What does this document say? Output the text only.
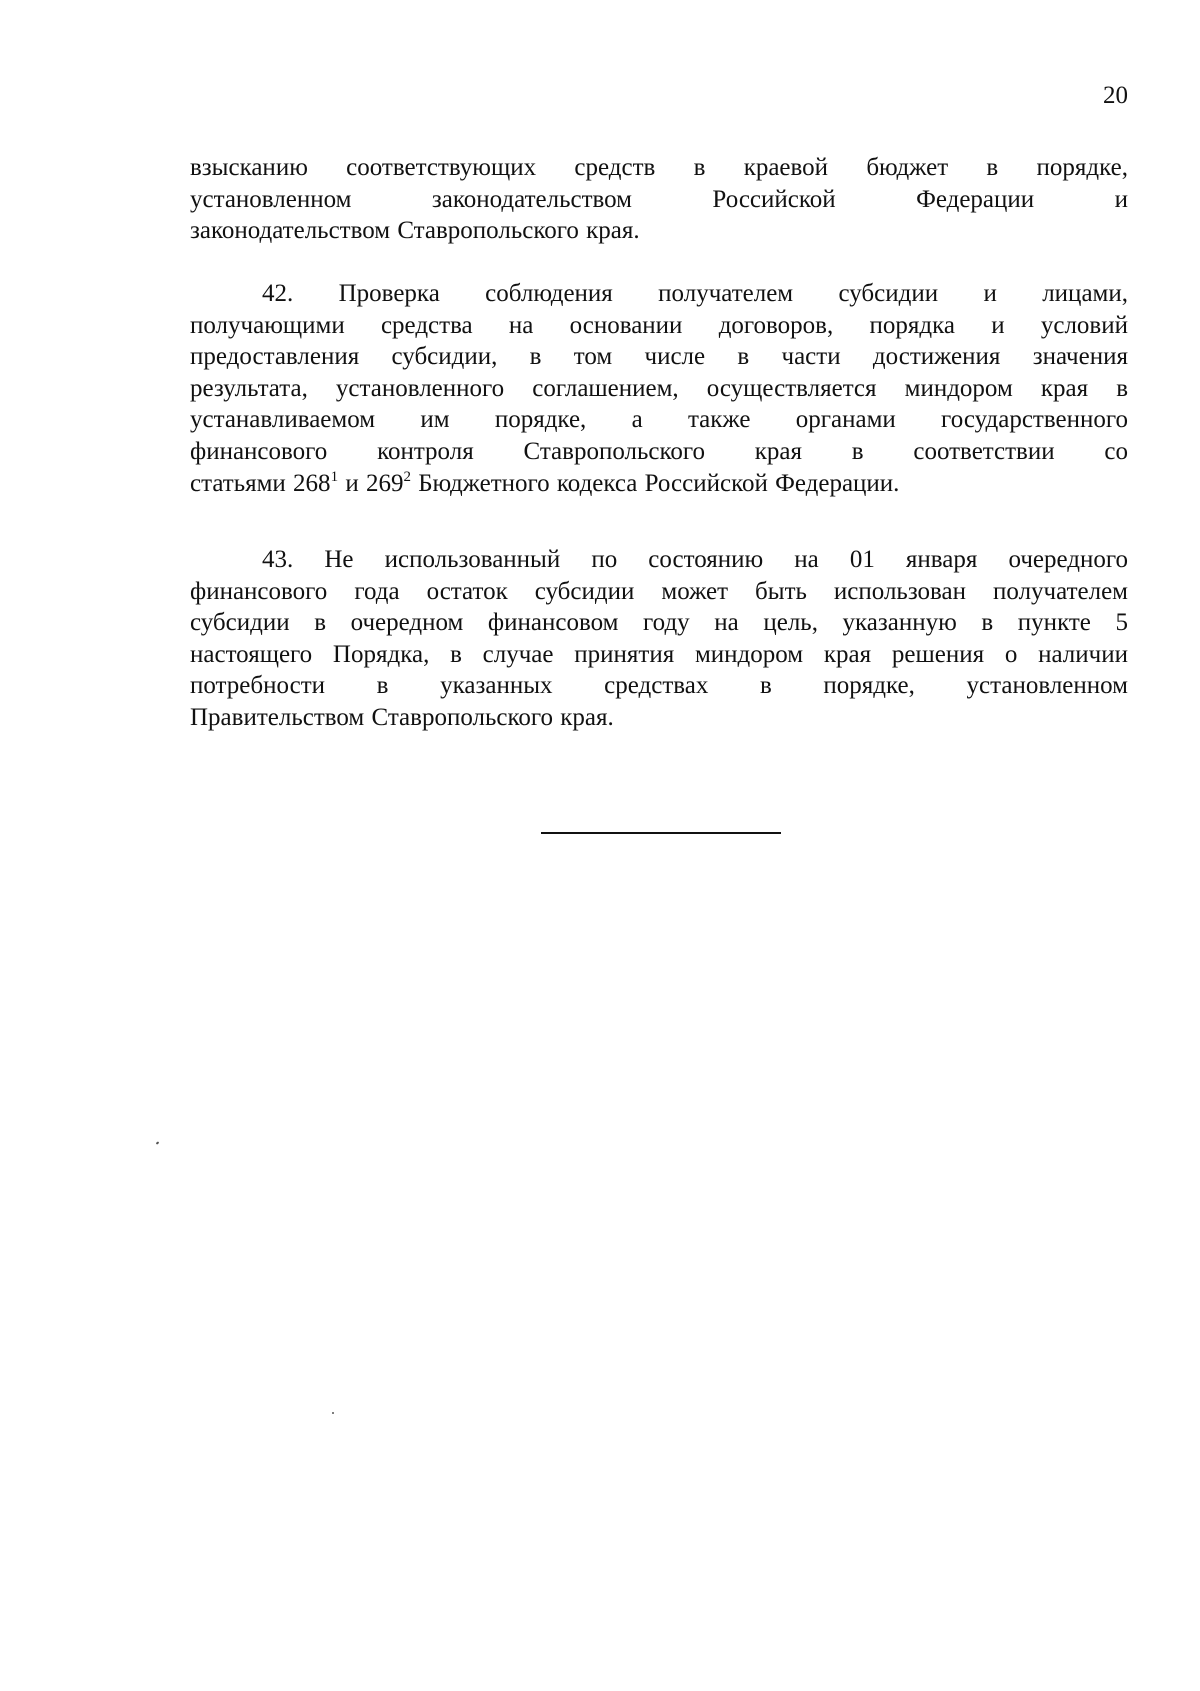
20
взысканию соответствующих средств в краевой бюджет в порядке,
установленном законодательством Российской Федерации и
законодательством Ставропольского края.
42. Проверка соблюдения получателем субсидии и лицами,
получающими средства на основании договоров, порядка и условий
предоставления субсидии, в том числе в части достижения значения
результата, установленного соглашением, осуществляется миндором края в
устанавливаемом им порядке, а также органами государственного
финансового контроля Ставропольского края в соответствии со
статьями $268^1$ и $269^2$ Бюджетного кодекса Российской Федерации.
43. Не использованный по состоянию на 01 января очередного
финансового года остаток субсидии может быть использован получателем
субсидии в очередном финансовом году на цель, указанную в пункте 5
настоящего Порядка, в случае принятия миндором края решения о наличии
потребности в указанных средствах в порядке, установленном
Правительством Ставропольского края.
